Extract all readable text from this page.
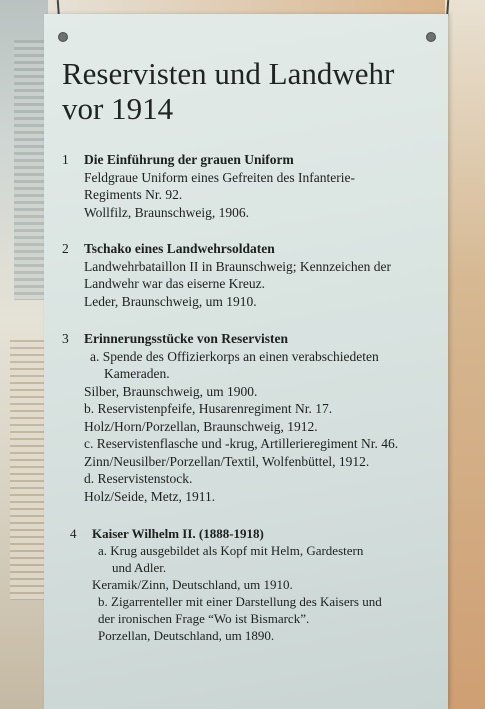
Reservisten und Landwehr
vor 1914
1 Die Einführung der grauen Uniform
Feldgraue Uniform eines Gefreiten des Infanterie-
Regiments Nr. 92.
Wollfilz, Braunschweig, 1906.
2 Tschako eines Landwehrsoldaten
Landwehrbataillon II in Braunschweig; Kennzeichen der
Landwehr war das eiserne Kreuz.
Leder, Braunschweig, um 1910.
3 Erinnerungsstücke von Reservisten
a. Spende des Offizierkorps an einen verabschiedeten
Kameraden.
Silber, Braunschweig, um 1900.
b. Reservistenpfeife, Husarenregiment Nr. 17.
Holz/Horn/Porzellan, Braunschweig, 1912.
c. Reservistenflasche und -krug, Artillerieregiment Nr. 46.
Zinn/Neusilber/Porzellan/Textil, Wolfenbüttel, 1912.
d. Reservistenstock.
Holz/Seide, Metz, 1911.
4 Kaiser Wilhelm II. (1888-1918)
a. Krug ausgebildet als Kopf mit Helm, Gardestern
und Adler.
Keramik/Zinn, Deutschland, um 1910.
b. Zigarrenteller mit einer Darstellung des Kaisers und
der ironischen Frage “Wo ist Bismarck”.
Porzellan, Deutschland, um 1890.
